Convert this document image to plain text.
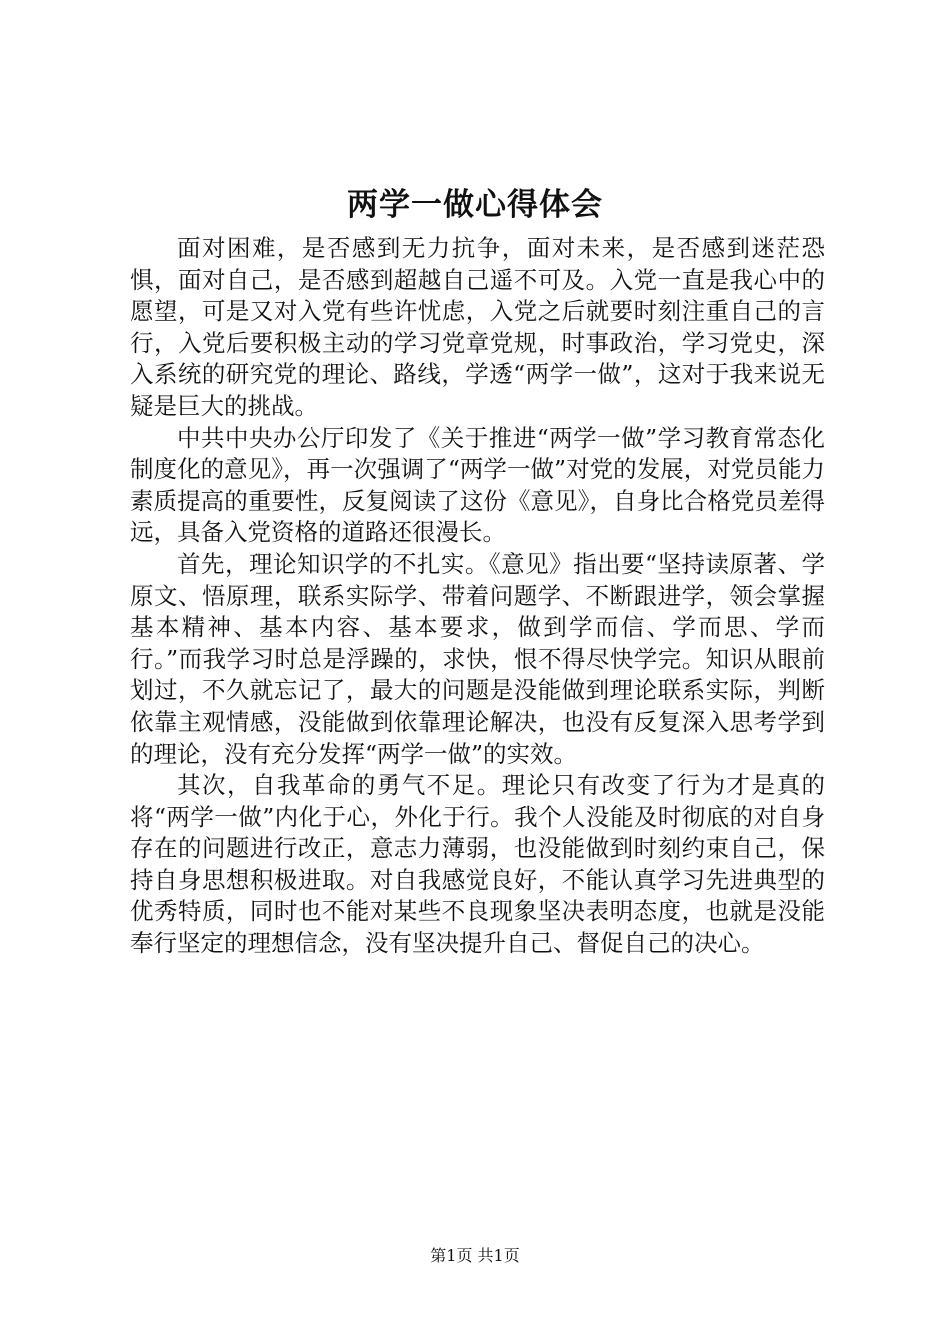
两学一做心得体会

面对困难，是否感到无力抗争，面对未来，是否感到迷茫恐惧，面对自己，是否感到超越自己遥不可及。入党一直是我心中的愿望，可是又对入党有些许忧虑，入党之后就要时刻注重自己的言行，入党后要积极主动的学习党章党规，时事政治，学习党史，深入系统的研究党的理论、路线，学透“两学一做”，这对于我来说无疑是巨大的挑战。

中共中央办公厅印发了《关于推进“两学一做”学习教育常态化制度化的意见》，再一次强调了“两学一做”对党的发展，对党员能力素质提高的重要性，反复阅读了这份《意见》，自身比合格党员差得远，具备入党资格的道路还很漫长。

首先，理论知识学的不扎实。《意见》指出要“坚持读原著、学原文、悟原理，联系实际学、带着问题学、不断跟进学，领会掌握基本精神、基本内容、基本要求，做到学而信、学而思、学而行。”而我学习时总是浮躁的，求快，恨不得尽快学完。知识从眼前划过，不久就忘记了，最大的问题是没能做到理论联系实际，判断依靠主观情感，没能做到依靠理论解决，也没有反复深入思考学到的理论，没有充分发挥“两学一做”的实效。

其次，自我革命的勇气不足。理论只有改变了行为才是真的将“两学一做”内化于心，外化于行。我个人没能及时彻底的对自身存在的问题进行改正，意志力薄弱，也没能做到时刻约束自己，保持自身思想积极进取。对自我感觉良好，不能认真学习先进典型的优秀特质，同时也不能对某些不良现象坚决表明态度，也就是没能奉行坚定的理想信念，没有坚决提升自己、督促自己的决心。

第1页 共1页
